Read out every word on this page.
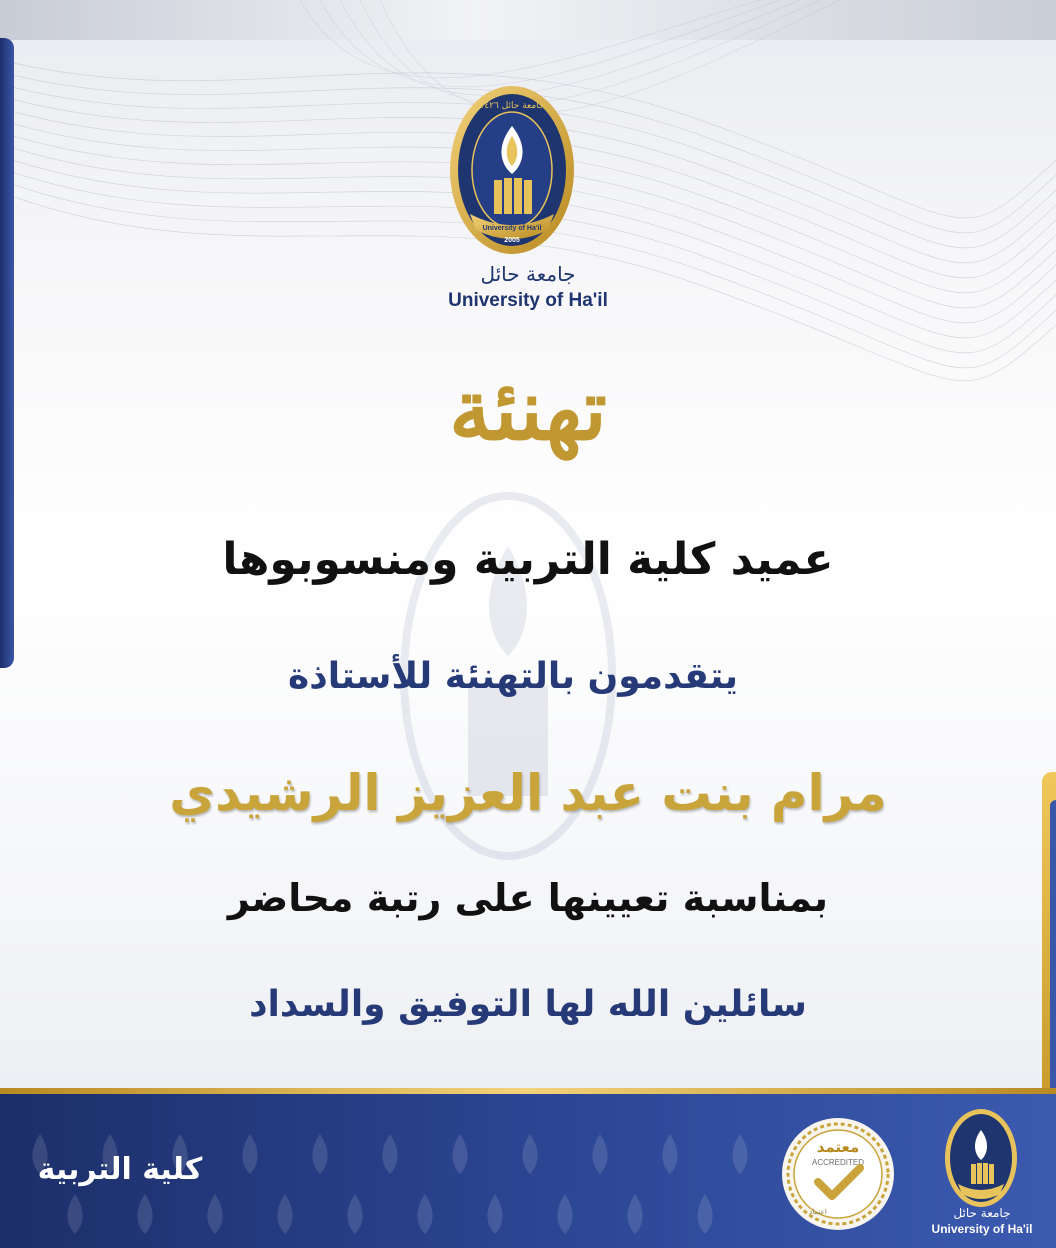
University of Ha'il
2005
جامعة حائل ١٤٢٦
جامعة حائل
University of Ha'il
تهنئة
عميد كلية التربية ومنسوبوها
يتقدمون بالتهنئة للأستاذة
مرام بنت عبد العزيز الرشيدي
بمناسبة تعيينها على رتبة محاضر
سائلين الله لها التوفيق والسداد
كلية التربية
معتمد
ACCREDITED
اعتماد	جامعة حائل
University of Ha'il
